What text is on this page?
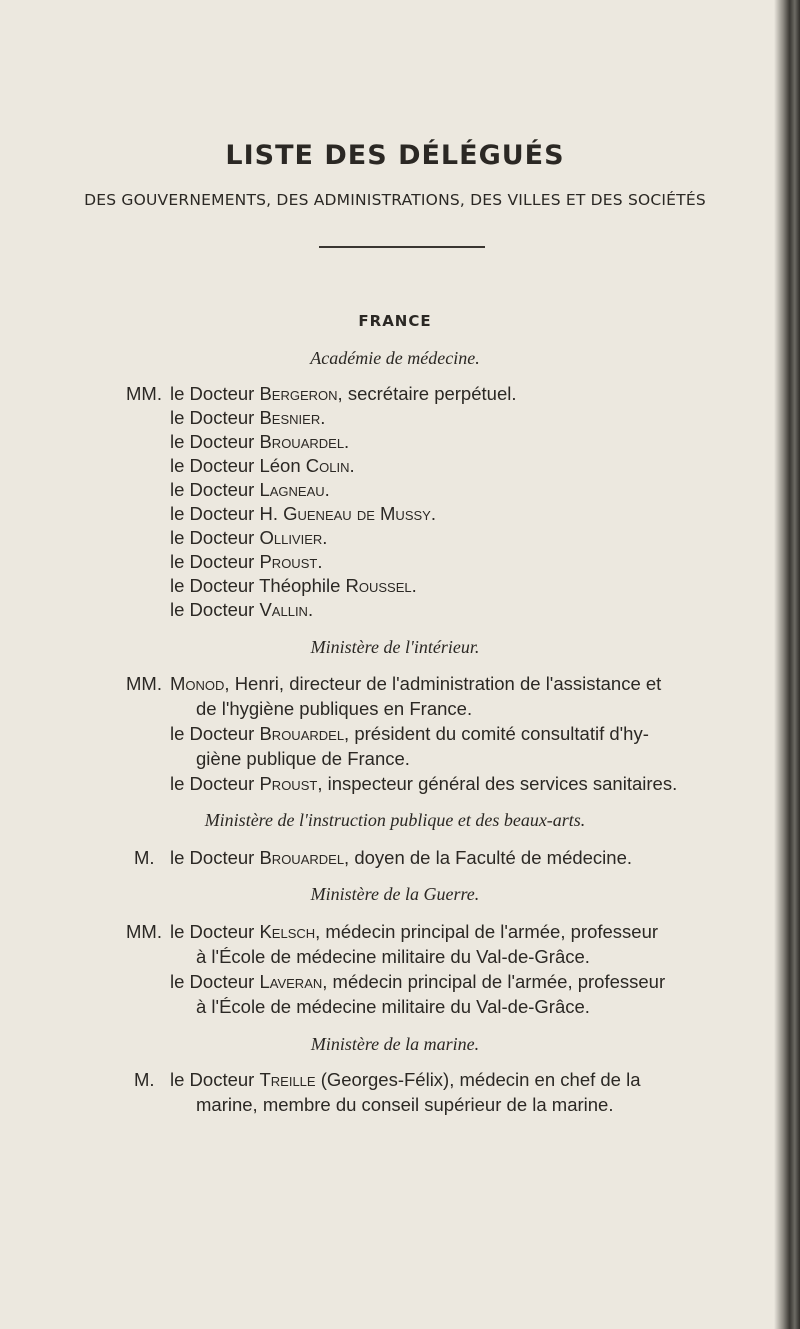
LISTE DES DÉLÉGUÉS

DES GOUVERNEMENTS, DES ADMINISTRATIONS, DES VILLES ET DES SOCIÉTÉS

FRANCE

Académie de médecine.

MM. le Docteur Bergeron, secrétaire perpétuel.
le Docteur Besnier.
le Docteur Brouardel.
le Docteur Léon Colin.
le Docteur Lagneau.
le Docteur H. Gueneau de Mussy.
le Docteur Ollivier.
le Docteur Proust.
le Docteur Théophile Roussel.
le Docteur Vallin.

Ministère de l'intérieur.

MM. Monod, Henri, directeur de l'administration de l'assistance et
de l'hygiène publiques en France.
le Docteur Brouardel, président du comité consultatif d'hy-
giène publique de France.
le Docteur Proust, inspecteur général des services sanitaires.

Ministère de l'instruction publique et des beaux-arts.

M. le Docteur Brouardel, doyen de la Faculté de médecine.

Ministère de la Guerre.

MM. le Docteur Kelsch, médecin principal de l'armée, professeur
à l'École de médecine militaire du Val-de-Grâce.
le Docteur Laveran, médecin principal de l'armée, professeur
à l'École de médecine militaire du Val-de-Grâce.

Ministère de la marine.

M. le Docteur Treille (Georges-Félix), médecin en chef de la
marine, membre du conseil supérieur de la marine.
